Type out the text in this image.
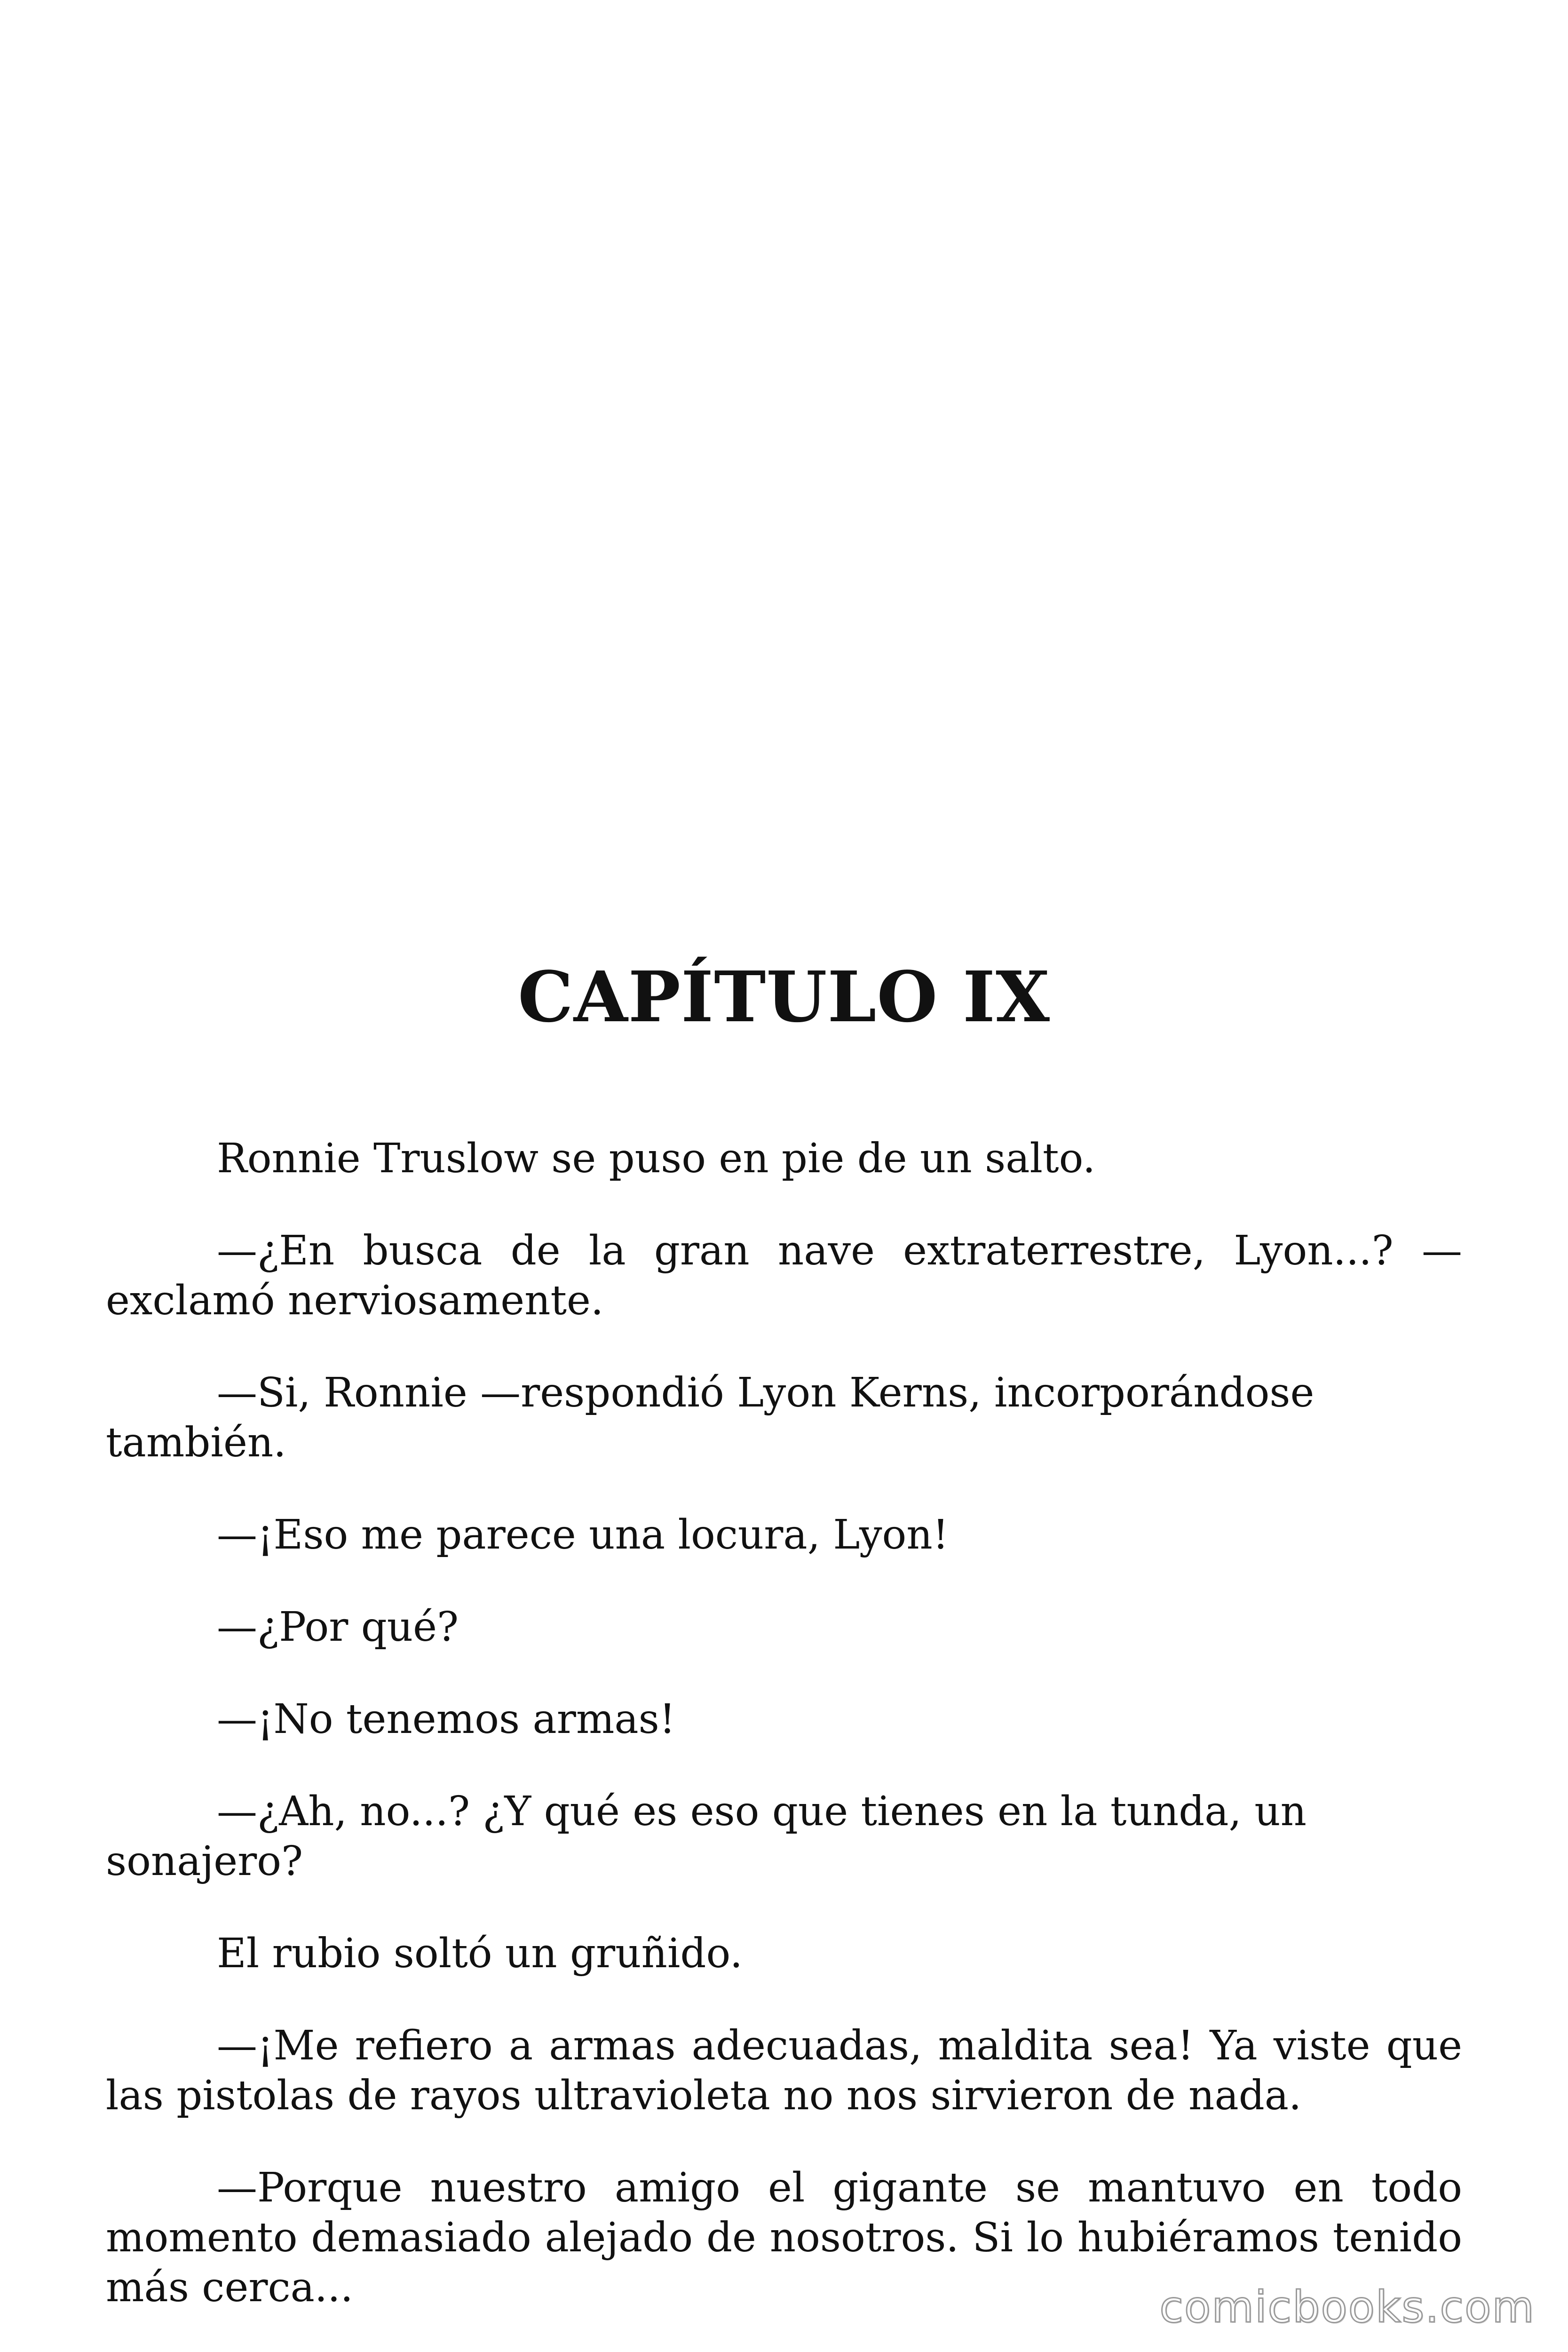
CAPÍTULO IX

Ronnie Truslow se puso en pie de un salto.

—¿En busca de la gran nave extraterrestre, Lyon...? —exclamó nerviosamente.

—Si, Ronnie —respondió Lyon Kerns, incorporándose también.

—¡Eso me parece una locura, Lyon!

—¿Por qué?

—¡No tenemos armas!

—¿Ah, no...? ¿Y qué es eso que tienes en la tunda, un sonajero?

El rubio soltó un gruñido.

—¡Me refiero a armas adecuadas, maldita sea! Ya viste que las pistolas de rayos ultravioleta no nos sirvieron de nada.

—Porque nuestro amigo el gigante se mantuvo en todo momento demasiado alejado de nosotros. Si lo hubiéramos tenido más cerca...	comicbooks.com
